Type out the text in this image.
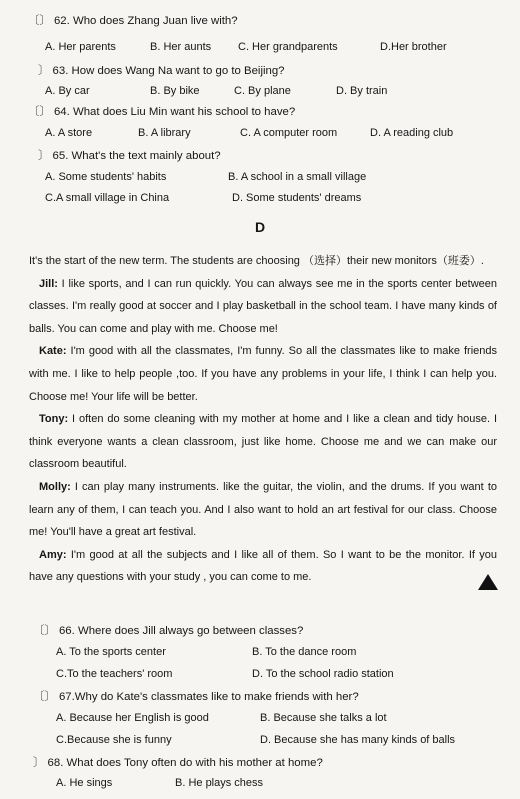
〔〕 62. Who does Zhang Juan live with?
A. Her parents	B. Her aunts C. Her grandparents	D.Her brother
〕 63. How does Wang Na want to go to Beijing?
A. By car	B. By bike	C. By plane	D. By train
〔〕 64. What does Liu Min want his school to have?
A. A store	B. A library	C. A computer room	D. A reading club
〕 65. What's the text mainly about?
A. Some students' habits	B. A school in a small village
C.A small village in China	D. Some students' dreams
D

It's the start of the new term. The students are choosing （选择）their new monitors（班委）.

Jill: I like sports, and I can run quickly. You can always see me in the sports center between classes. I'm really good at soccer and I play basketball in the school team. I have many kinds of balls. You can come and play with me. Choose me!

Kate: I'm good with all the classmates, I'm funny. So all the classmates like to make friends with me. I like to help people ,too. If you have any problems in your life, I think I can help you. Choose me! Your life will be better.

Tony: I often do some cleaning with my mother at home and I like a clean and tidy house. I think everyone wants a clean classroom, just like home. Choose me and we can make our classroom beautiful.

Molly: I can play many instruments. like the guitar, the violin, and the drums. If you want to learn any of them, I can teach you. And I also want to hold an art festival for our class. Choose me! You'll have a great art festival.

Amy: I'm good at all the subjects and I like all of them. So I want to be the monitor. If you have any questions with your study , you can come to me.

〔〕 66. Where does Jill always go between classes?
A. To the sports center	B. To the dance room
C.To the teachers' room	D. To the school radio station
〔〕 67.Why do Kate's classmates like to make friends with her?
A. Because her English is good	B. Because she talks a lot
C.Because she is funny	D. Because she has many kinds of balls
〕 68. What does Tony often do with his mother at home?
A. He sings	B. He plays chess
